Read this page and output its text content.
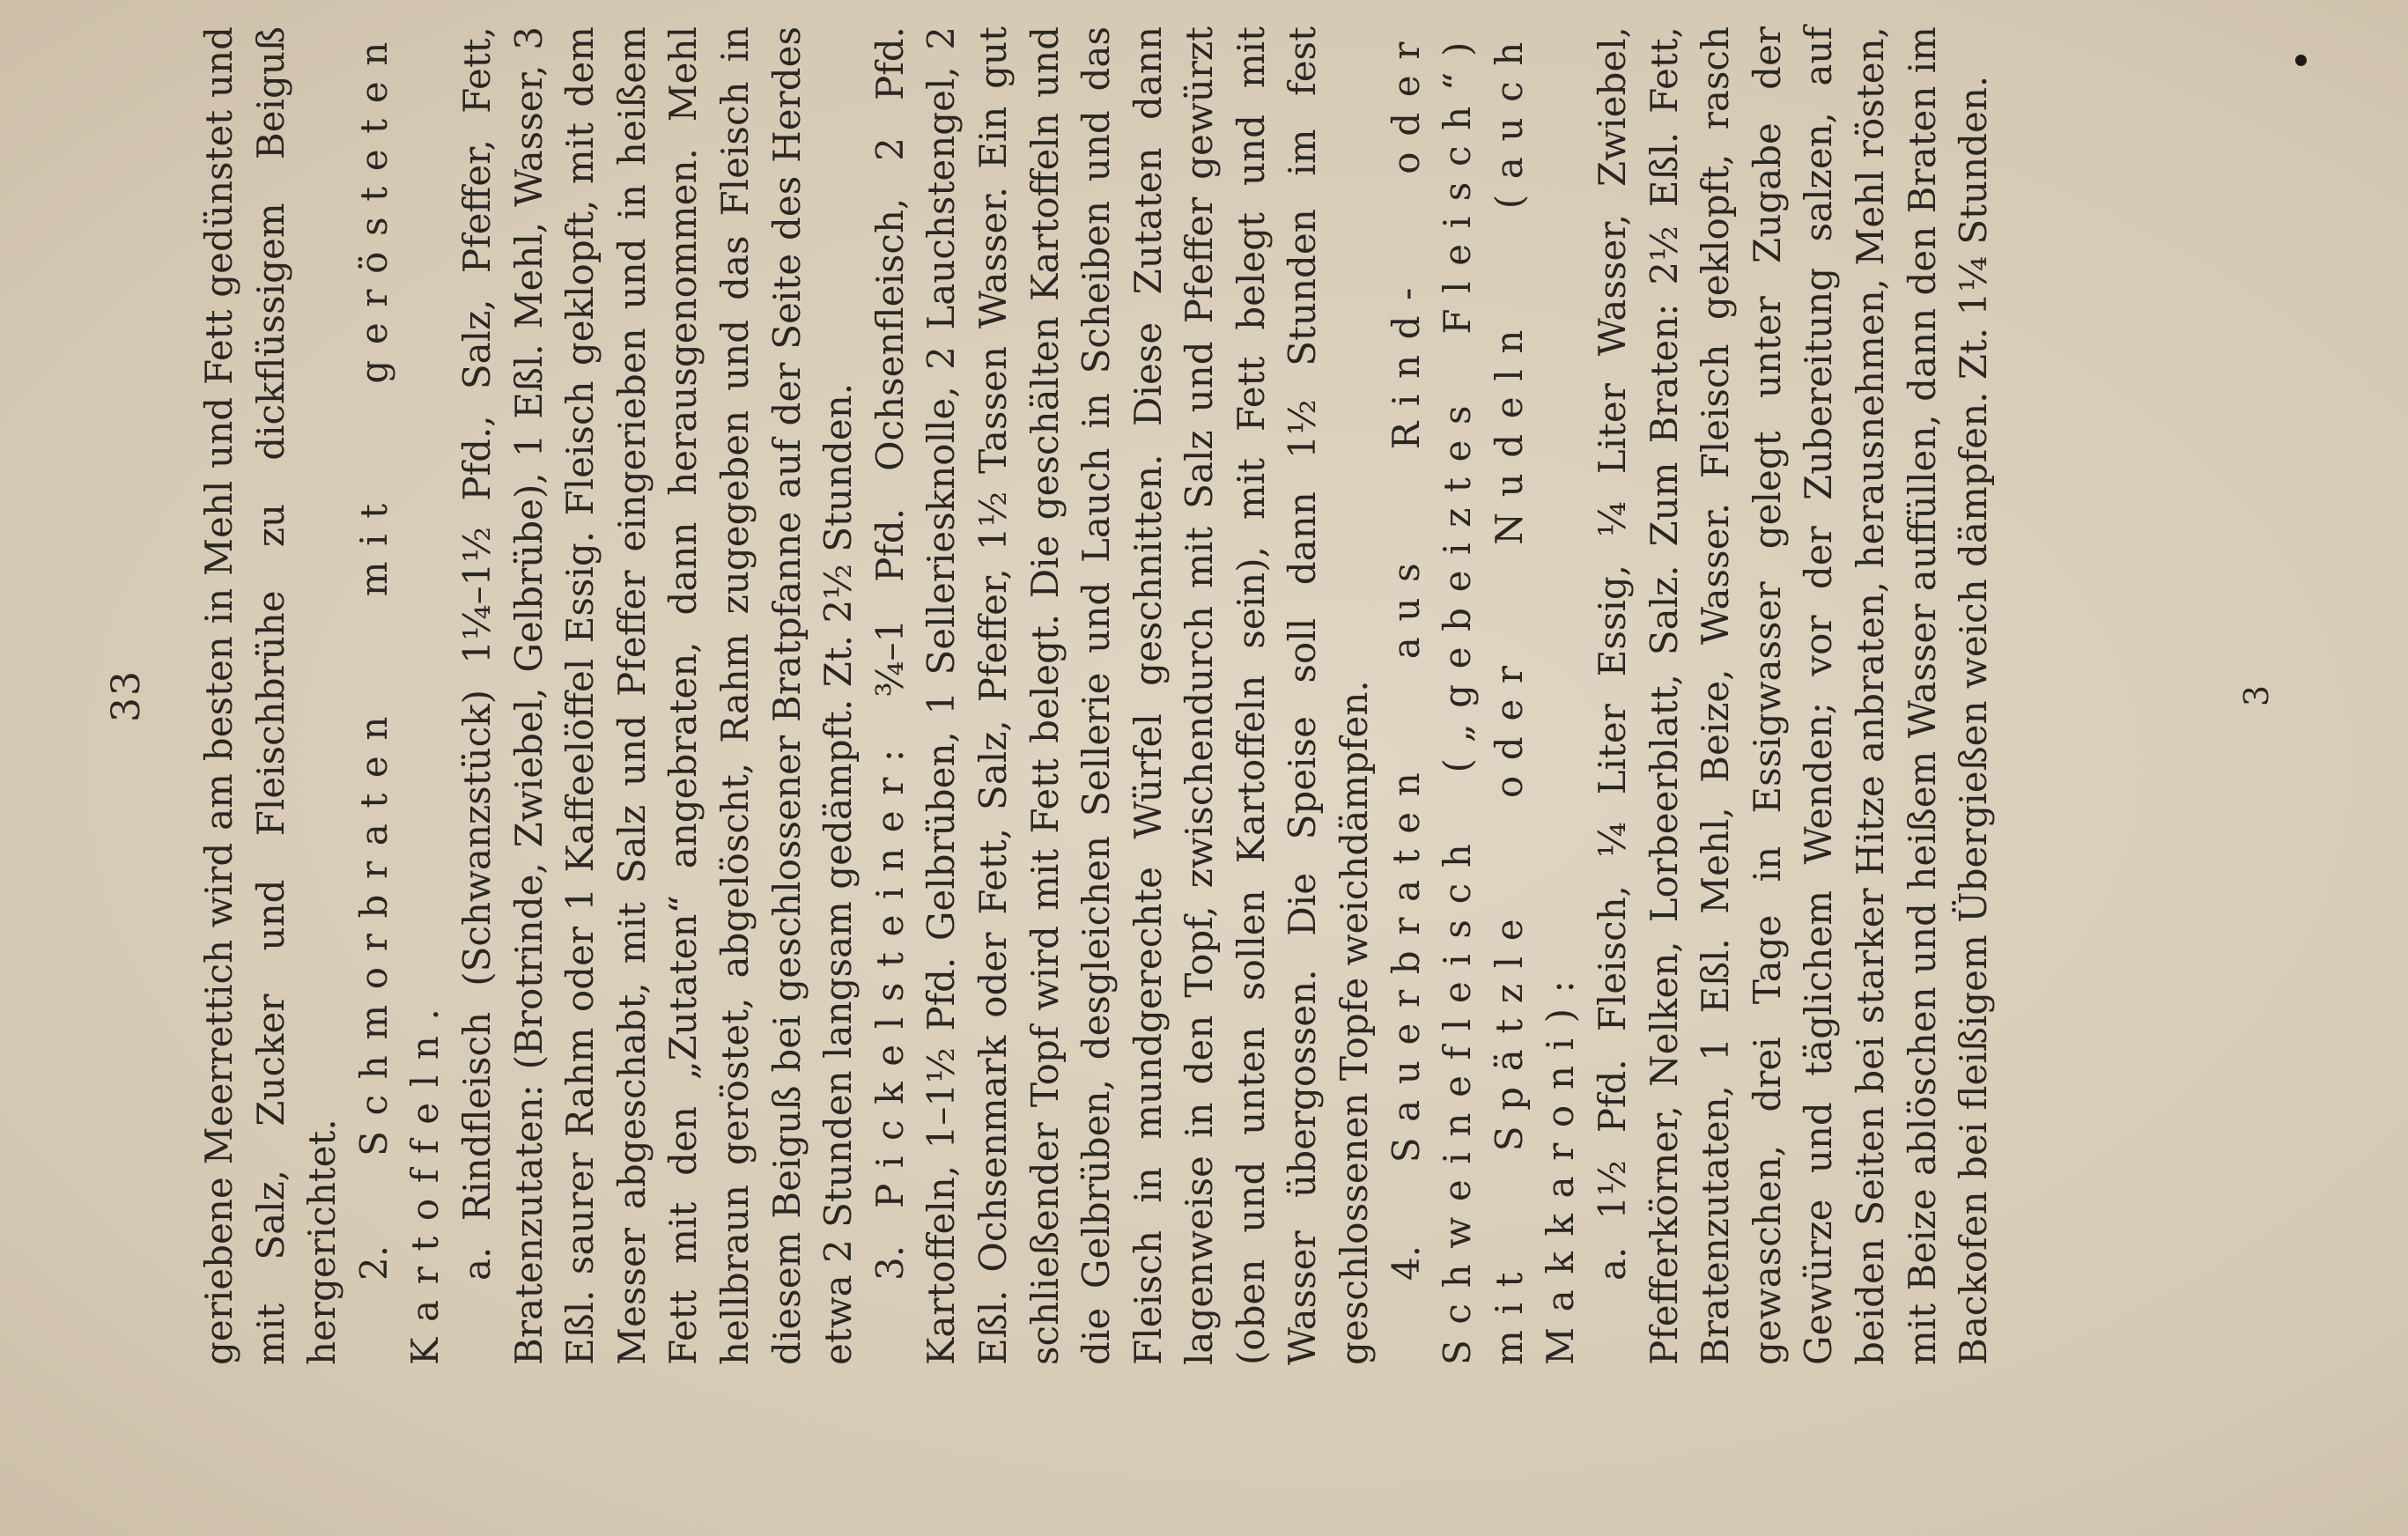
33 geriebene Meerrettich wird am besten in Mehl und Fett gedünstet und mit Salz, Zucker und Fleischbrühe zu dickflüssigem Beiguß hergerichtet. 2. Schmorbraten mit gerösteten Kartoffeln. a. Rindfleisch (Schwanzstück) 1¼–1½ Pfd., Salz, Pfeffer, Fett, Bratenzutaten: (Brotrinde, Zwiebel, Gelbrübe), 1 Eßl. Mehl, Wasser, 3 Eßl. saurer Rahm oder 1 Kaffeelöffel Essig. Fleisch geklopft, mit dem Messer abgeschabt, mit Salz und Pfeffer eingerieben und in heißem Fett mit den „Zutaten“ angebraten, dann herausgenommen. Mehl hellbraun geröstet, abgelöscht, Rahm zugegeben und das Fleisch in diesem Beiguß bei geschlossener Bratpfanne auf der Seite des Herdes etwa 2 Stunden langsam gedämpft. Zt. 2½ Stunden. 3. Pickelsteiner: ¾–1 Pfd. Ochsenfleisch, 2 Pfd. Kartoffeln, 1–1½ Pfd. Gelbrüben, 1 Selleriesknolle, 2 Lauchstengel, 2 Eßl. Ochsenmark oder Fett, Salz, Pfeffer, 1½ Tassen Wasser. Ein gut schließender Topf wird mit Fett belegt. Die geschälten Kartoffeln und die Gelbrüben, desgleichen Sellerie und Lauch in Scheiben und das Fleisch in mundgerechte Würfel geschnitten. Diese Zutaten dann lagenweise in den Topf, zwischendurch mit Salz und Pfeffer gewürzt (oben und unten sollen Kartoffeln sein), mit Fett belegt und mit Wasser übergossen. Die Speise soll dann 1½ Stunden im fest geschlossenen Topfe weichdämpfen. 4. Sauerbraten aus Rind- oder Schweinefleisch („gebeiztes Fleisch“) mit Spätzle oder Nudeln (auch Makkaroni): a. 1½ Pfd. Fleisch, ¼ Liter Essig, ¼ Liter Wasser, Zwiebel, Pfefferkörner, Nelken, Lorbeerblatt, Salz. Zum Braten: 2½ Eßl. Fett, Bratenzutaten, 1 Eßl. Mehl, Beize, Wasser. Fleisch geklopft, rasch gewaschen, drei Tage in Essigwasser gelegt unter Zugabe der Gewürze und täglichem Wenden; vor der Zubereitung salzen, auf beiden Seiten bei starker Hitze anbraten, herausnehmen, Mehl rösten, mit Beize ablöschen und heißem Wasser auffüllen, dann den Braten im Backofen bei fleißigem Übergießen weich dämpfen. Zt. 1¼ Stunden.	3
